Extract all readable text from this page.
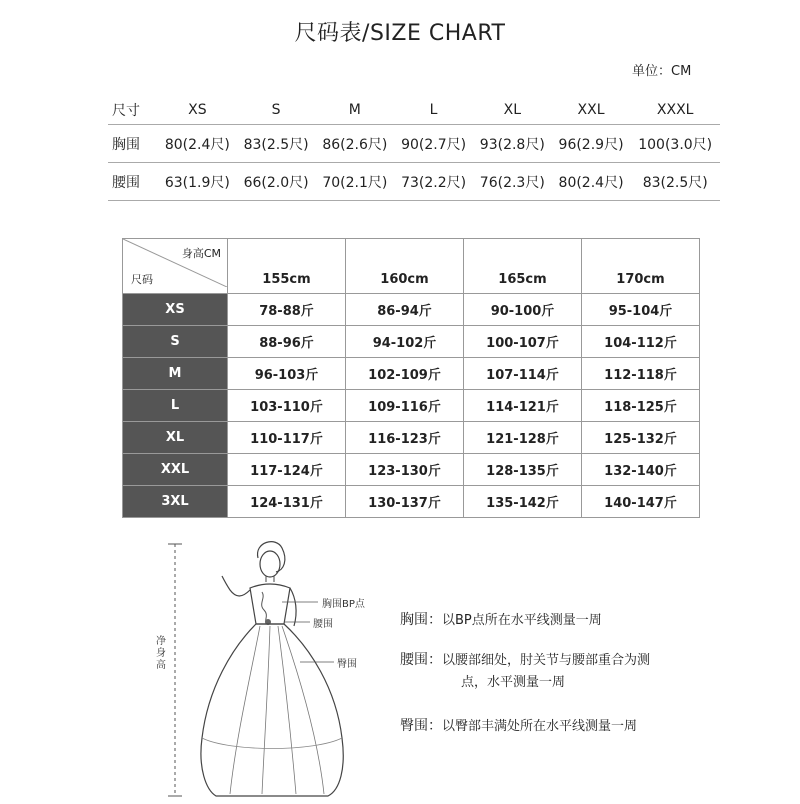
尺码表/SIZE CHART
单位：CM
尺寸	XS	S	M	L	XL	XXL	XXXL
胸围	80(2.4尺)	83(2.5尺)	86(2.6尺)	90(2.7尺)	93(2.8尺)	96(2.9尺)	100(3.0尺)
腰围	63(1.9尺)	66(2.0尺)	70(2.1尺)	73(2.2尺)	76(2.3尺)	80(2.4尺)	83(2.5尺)
身高CM
尺码	155cm	160cm	165cm	170cm
XS	78-88斤	86-94斤	90-100斤	95-104斤
S	88-96斤	94-102斤	100-107斤	104-112斤
M	96-103斤	102-109斤	107-114斤	112-118斤
L	103-110斤	109-116斤	114-121斤	118-125斤
XL	110-117斤	116-123斤	121-128斤	125-132斤
XXL	117-124斤	123-130斤	128-135斤	132-140斤
3XL	124-131斤	130-137斤	135-142斤	140-147斤
净身高
胸围BP点
腰围
臀围
胸围：以BP点所在水平线测量一周
腰围：以腰部细处，肘关节与腰部重合为测
点，水平测量一周
臀围：以臀部丰满处所在水平线测量一周
